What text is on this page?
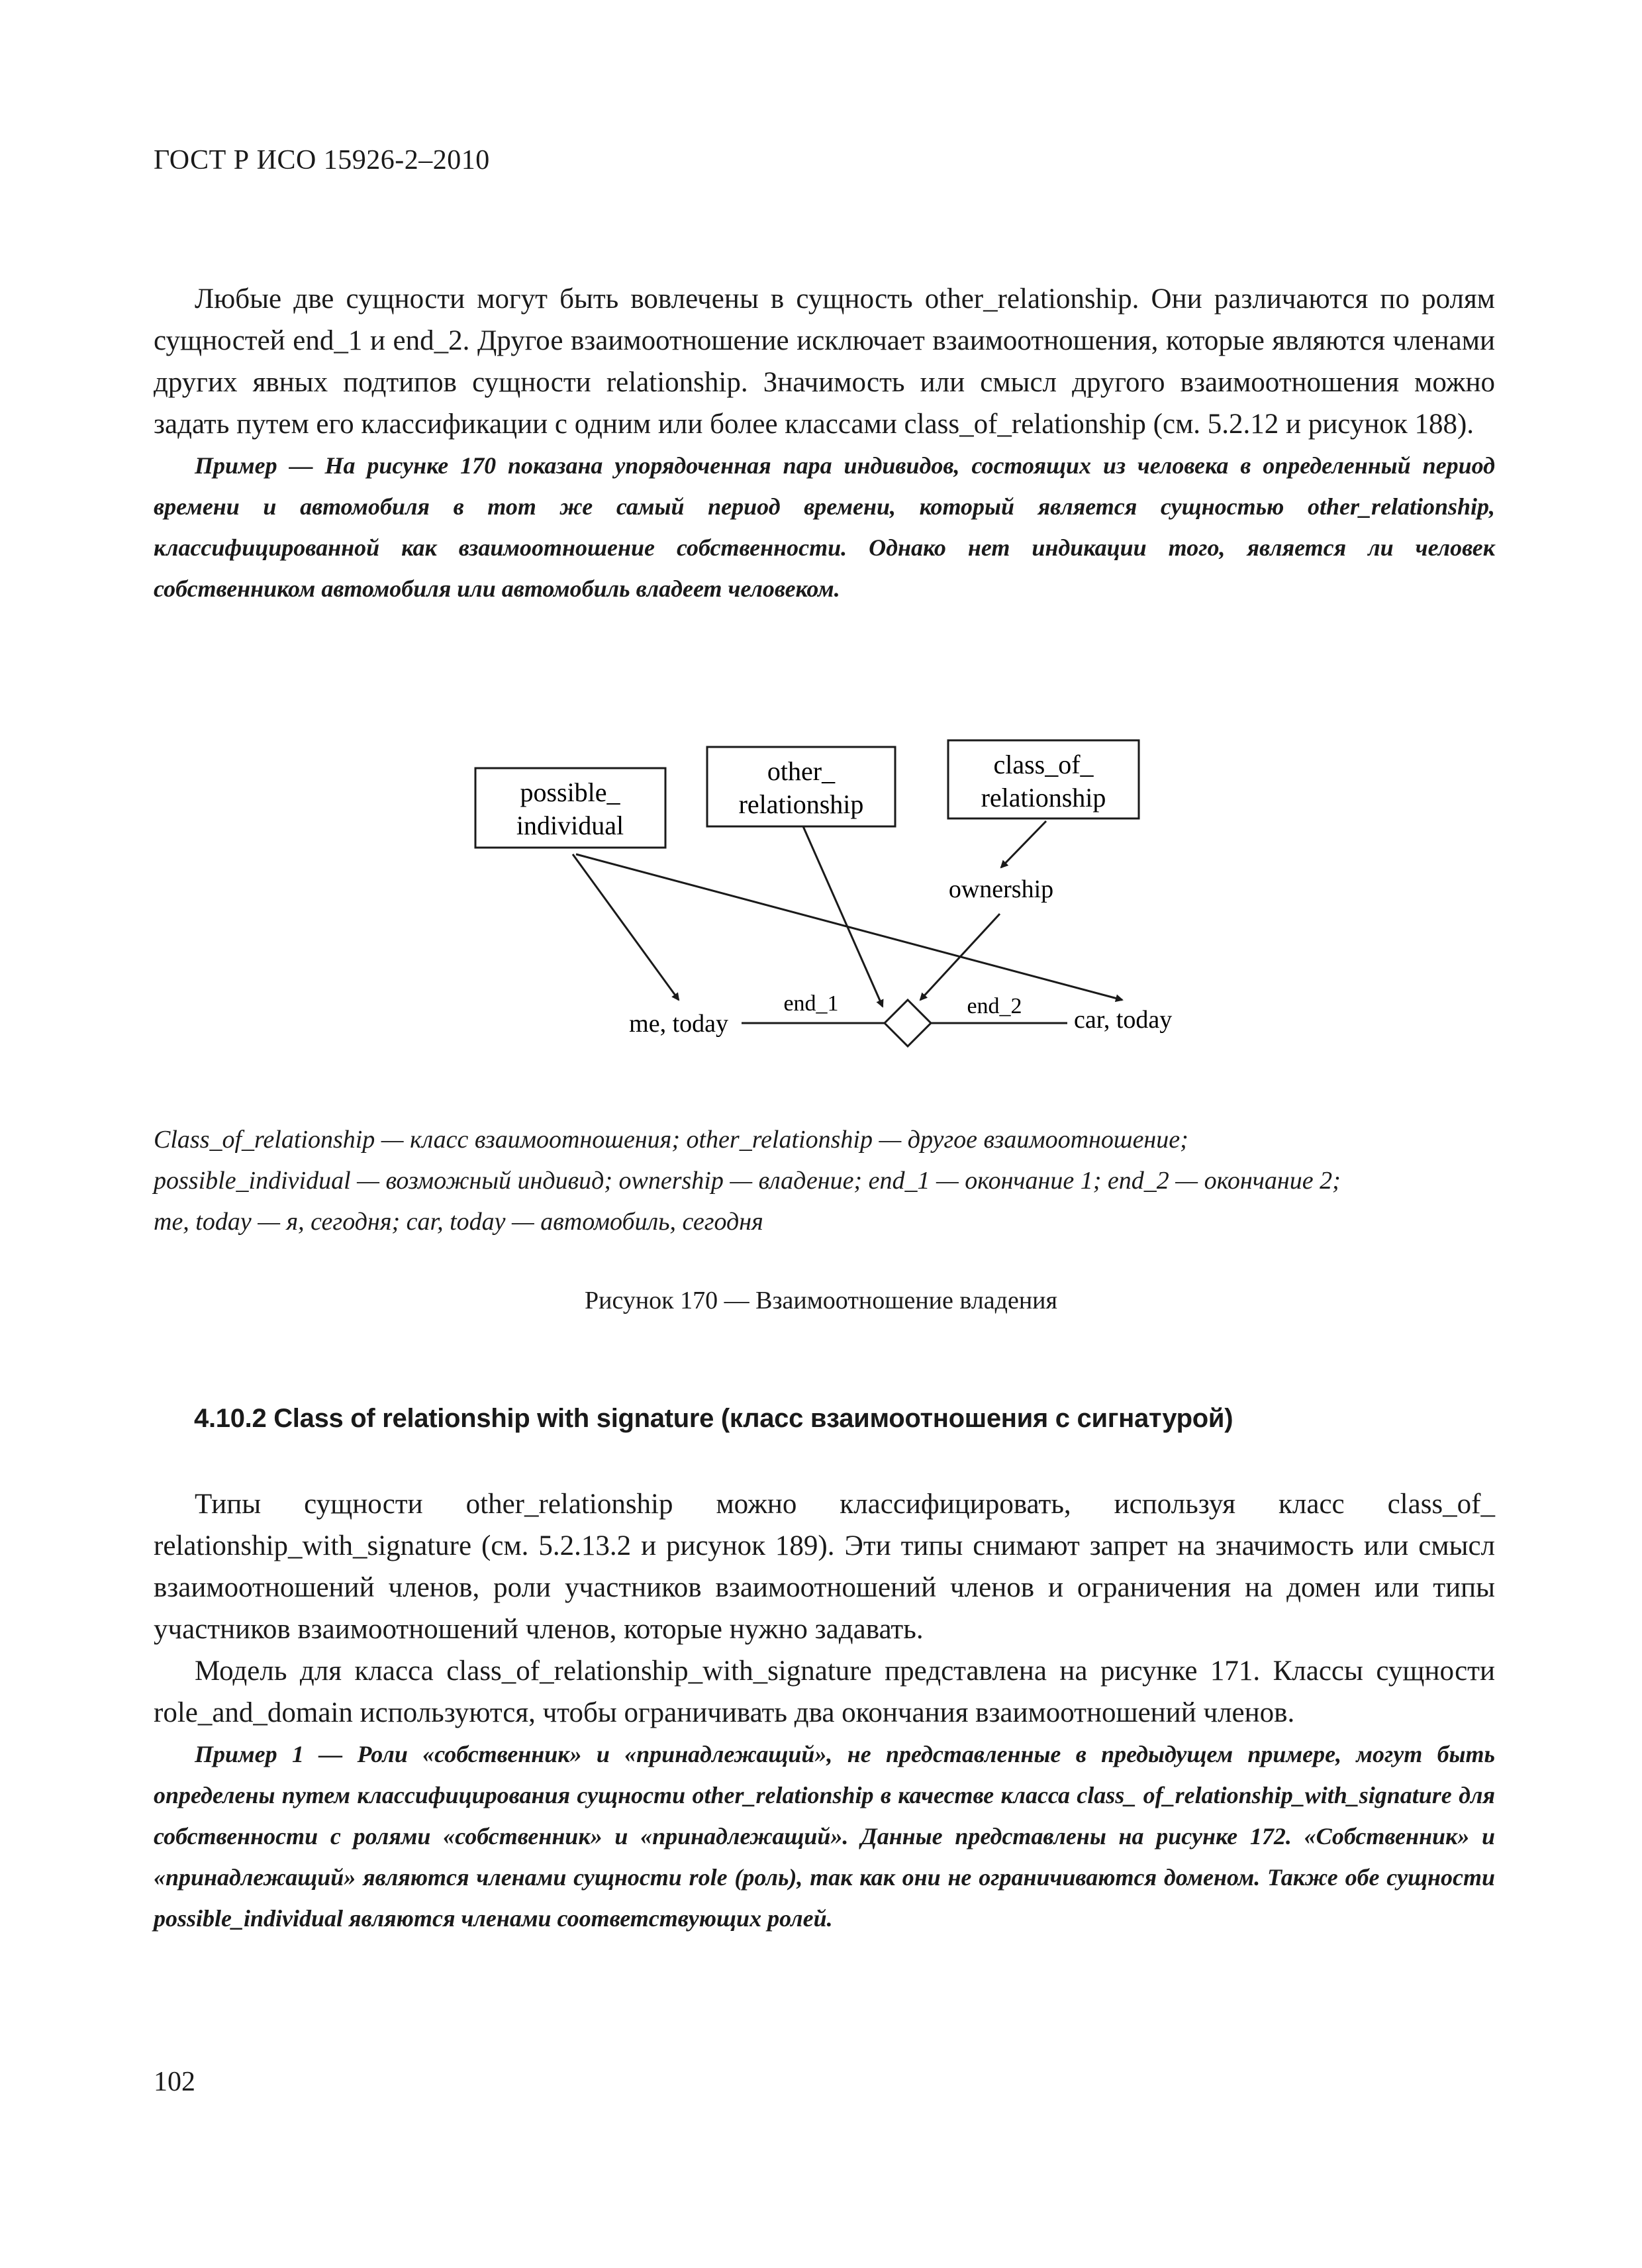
ГОСТ Р ИСО 15926-2–2010

Любые две сущности могут быть вовлечены в сущность other_relationship. Они различаются по ролям сущностей end_1 и end_2. Другое взаимоотношение исключает взаимоотношения, которые являются членами других явных подтипов сущности relationship. Значимость или смысл другого взаимоотношения можно задать путем его классификации с одним или более классами class_of_relationship (см. 5.2.12 и рисунок 188).

Пример — На рисунке 170 показана упорядоченная пара индивидов, состоящих из человека в определенный период времени и автомобиля в тот же самый период времени, который является сущностью other_relationship, классифицированной как взаимоотношение собственности. Однако нет индикации того, является ли человек собственником автомобиля или автомобиль владеет человеком.

possible_
individual
other_
relationship
class_of_
relationship
ownership
me, today	car, today
end_1	end_2

Class_of_relationship — класс взаимоотношения; other_relationship — другое взаимоотношение;

possible_individual — возможный индивид; ownership — владение; end_1 — окончание 1; end_2 — окончание 2;

me, today — я, сегодня; car, today — автомобиль, сегодня

Рисунок 170 — Взаимоотношение владения
4.10.2 Class of relationship with signature (класс взаимоотношения с сигнатурой)

Типы сущности other_relationship можно классифицировать, используя класс class_of_ relationship_with_signature (см. 5.2.13.2 и рисунок 189). Эти типы снимают запрет на значимость или смысл взаимоотношений членов, роли участников взаимоотношений членов и ограничения на домен или типы участников взаимоотношений членов, которые нужно задавать.

Модель для класса class_of_relationship_with_signature представлена на рисунке 171. Классы сущности role_and_domain используются, чтобы ограничивать два окончания взаимоотношений членов.

Пример 1 — Роли «собственник» и «принадлежащий», не представленные в предыдущем примере, могут быть определены путем классифицирования сущности other_relationship в качестве класса class_ of_relationship_with_signature для собственности с ролями «собственник» и «принадлежащий». Данные представлены на рисунке 172. «Собственник» и «принадлежащий» являются членами сущности role (роль), так как они не ограничиваются доменом. Также обе сущности possible_individual являются членами соответствующих ролей.

102
